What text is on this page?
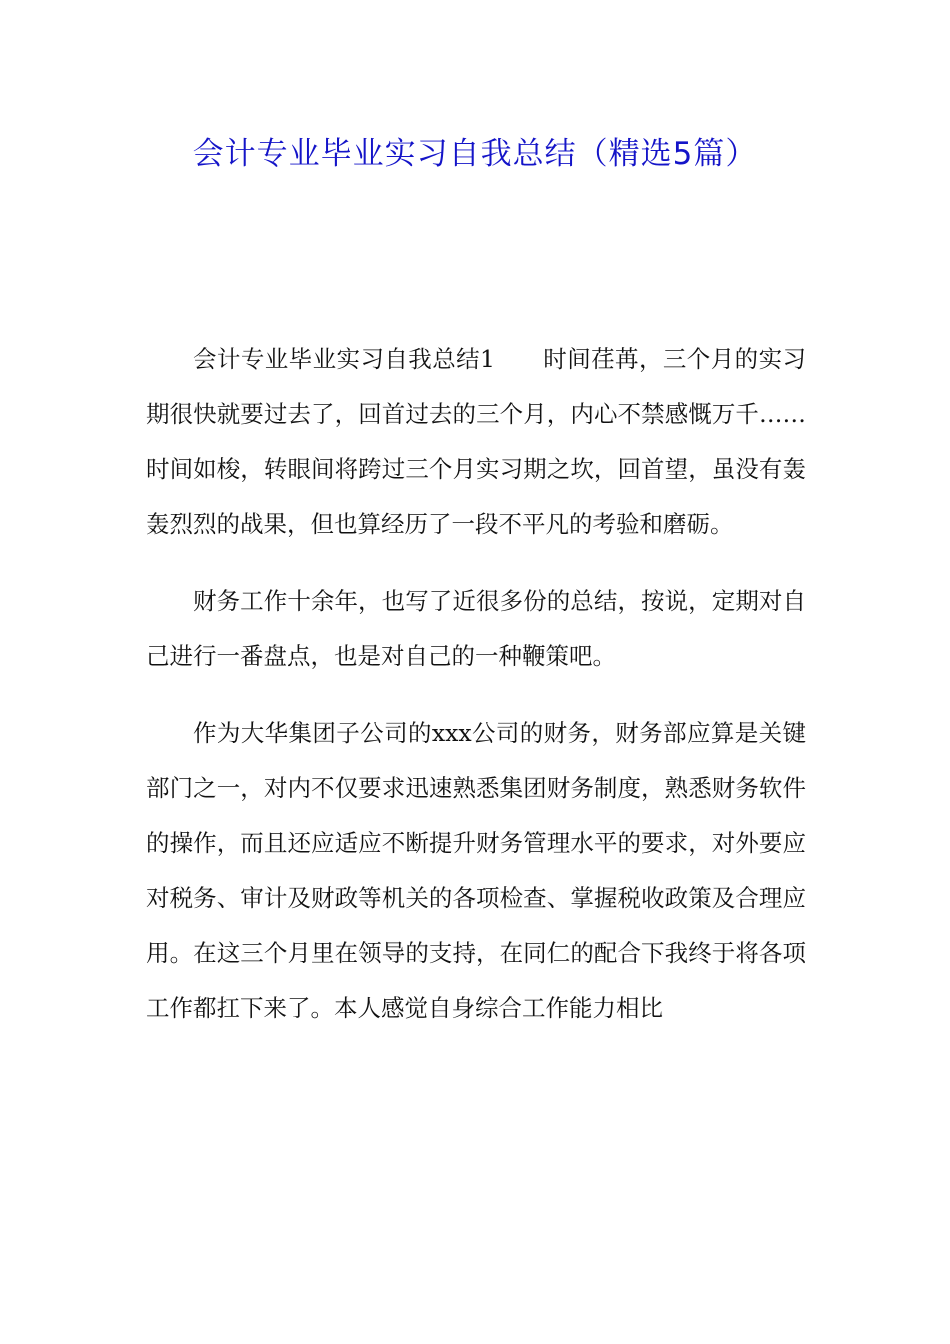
会计专业毕业实习自我总结（精选5篇）

会计专业毕业实习自我总结1　　时间荏苒，三个月的实习期很快就要过去了，回首过去的三个月，内心不禁感慨万千……时间如梭，转眼间将跨过三个月实习期之坎，回首望，虽没有轰轰烈烈的战果，但也算经历了一段不平凡的考验和磨砺。

财务工作十余年，也写了近很多份的总结，按说，定期对自己进行一番盘点，也是对自己的一种鞭策吧。

作为大华集团子公司的xxx公司的财务，财务部应算是关键部门之一，对内不仅要求迅速熟悉集团财务制度，熟悉财务软件的操作，而且还应适应不断提升财务管理水平的要求，对外要应对税务、审计及财政等机关的各项检查、掌握税收政策及合理应用。在这三个月里在领导的支持，在同仁的配合下我终于将各项工作都扛下来了。本人感觉自身综合工作能力相比
